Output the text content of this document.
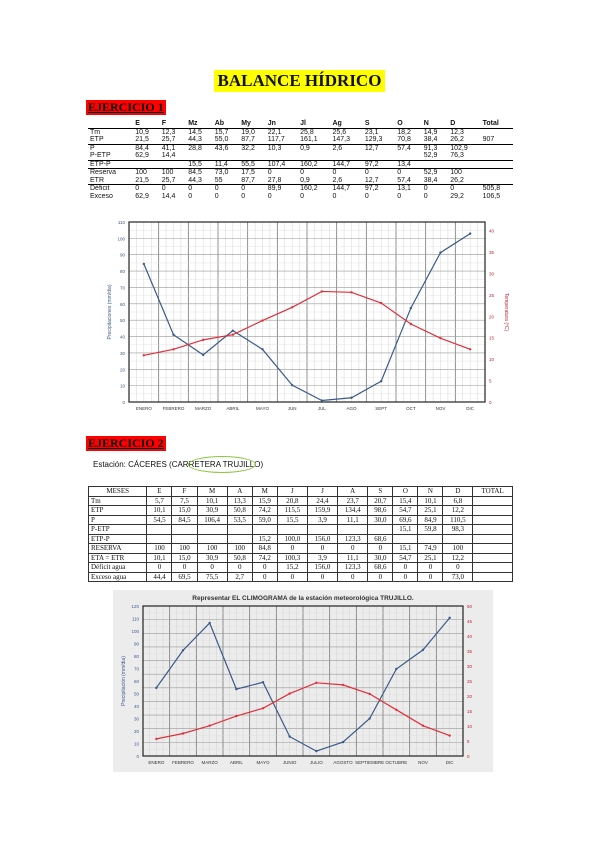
BALANCE HÍDRICO
EJERCICIO 1
	E	F	Mz	Ab	My	Jn	Jl	Ag	S	O	N	D	Total
Tm	10,9	12,3	14,5	15,7	19,0	22,1	25,8	25,6	23,1	18,2	14,9	12,3	
ETP	21,5	25,7	44,3	55,0	87,7	117,7	161,1	147,3	129,3	70,8	38,4	26,2	907
P	84,4	41,1	28,8	43,6	32,2	10,3	0,9	2,6	12,7	57,4	91,3	102,9	
P-ETP	62,9	14,4									52,9	76,3	
ETP-P			15,5	11,4	55,5	107,4	160,2	144,7	97,2	13,4			
Reserva	100	100	84,5	73,0	17,5	0	0	0	0	0	52,9	100	
ETR	21,5	25,7	44,3	55	87,7	27,8	0,9	2,6	12,7	57,4	38,4	26,2	
Déficit	0	0	0	0	0	89,9	160,2	144,7	97,2	13,1	0	0	505,8
Exceso	62,9	14,4	0	0	0	0	0	0	0	0	0	29,2	106,5
0
10
20
30
40
50
60
70
80
90
100
110
0
5
10
15
20
25
30
35
40
ENERO FEBRERO MARZO	ABRIL	MAYO	JUN	JUL	AGO	SEPT	OCT	NOV	DIC
Precipitaciones (mm/dia)	Temperatura (ºC)
EJERCICIO 2
Estación: CÁCERES (CARRETERA TRUJILLO)
MESES	E	F	M	A	M	J	J	A	S	O	N	D	TOTAL
Tm	5,7	7,5	10,1	13,3	15,9	20,8	24,4	23,7	20,7	15,4	10,1	6,8	
ETP	10,1	15,0	30,9	50,8	74,2	115,5	159,9	134,4	98,6	54,7	25,1	12,2	
P	54,5	84,5	106,4	53,5	59,0	15,5	3,9	11,1	30,0	69,6	84,9	110,5	
P-ETP										15,1	59,8	98,3	
ETP-P					15,2	100,0	156,0	123,3	68,6				
RESERVA	100	100	100	100	84,8	0	0	0	0	15,1	74,9	100	
ETA = ETR	10,1	15,0	30,9	50,8	74,2	100,3	3,9	11,1	30,0	54,7	25,1	12,2	
Déficit agua	0	0	0	0	0	15,2	156,0	123,3	68,6	0	0	0	
Exceso agua	44,4	69,5	75,5	2,7	0	0	0	0	0	0	0	73,0	
Representar EL CLIMOGRAMA de la estación meteorológica TRUJILLO.
0
10
20
30
40
50
60
70
80
90
100
110
120
0
5
10
15
20
25
30
35
40
45
50
ENERO FEBRERO MARZO	ABRIL	MAYO	JUNIO	JULIO AGOSTO SEPTIEMBRE OCTUBRE NOV	DIC
Precipitación (mm/dia)
